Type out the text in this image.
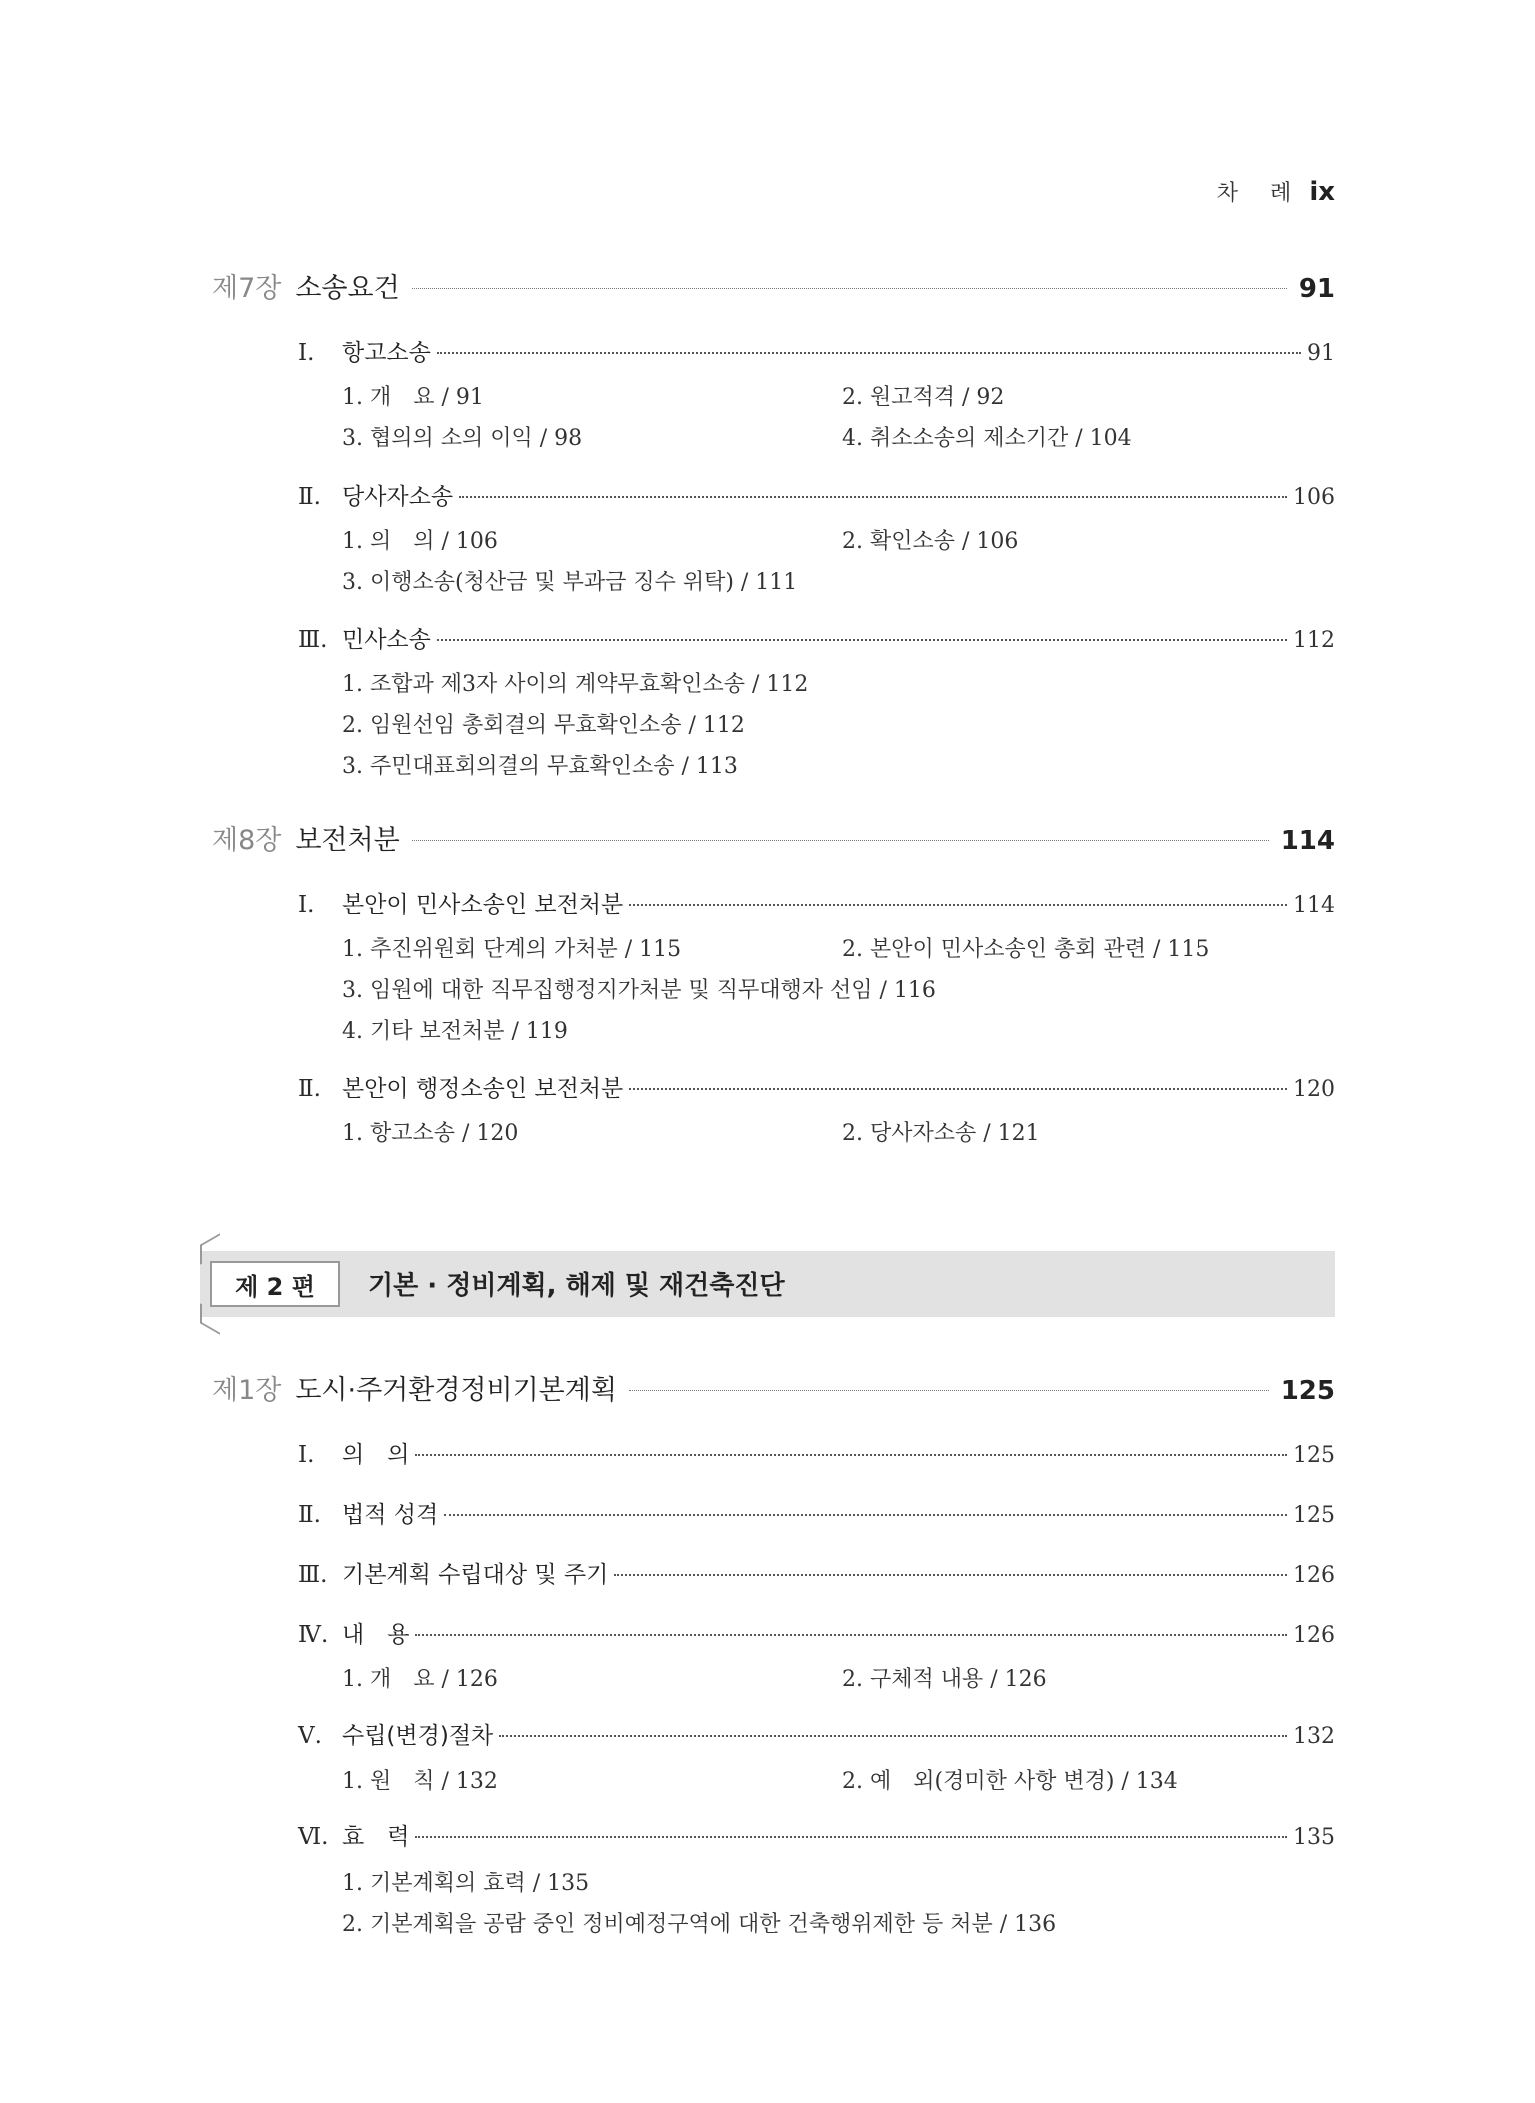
차 례 ix
제7장 소송요건	91
Ⅰ.	항고소송	91
1. 개　요 / 91	2. 원고적격 / 92
3. 협의의 소의 이익 / 98	4. 취소소송의 제소기간 / 104
Ⅱ. 당사자소송	106
1. 의　의 / 106	2. 확인소송 / 106
3. 이행소송(청산금 및 부과금 징수 위탁) / 111
Ⅲ. 민사소송	112
1. 조합과 제3자 사이의 계약무효확인소송 / 112
2. 임원선임 총회결의 무효확인소송 / 112
3. 주민대표회의결의 무효확인소송 / 113
제8장 보전처분	114
Ⅰ.	본안이 민사소송인 보전처분	114
1. 추진위원회 단계의 가처분 / 115	2. 본안이 민사소송인 총회 관련 / 115
3. 임원에 대한 직무집행정지가처분 및 직무대행자 선임 / 116
4. 기타 보전처분 / 119
Ⅱ. 본안이 행정소송인 보전처분	120
1. 항고소송 / 120	2. 당사자소송 / 121
제 2 편	기본 · 정비계획, 해제 및 재건축진단
제1장 도시·주거환경정비기본계획	125
Ⅰ.	의　의	125
Ⅱ. 법적 성격	125
Ⅲ. 기본계획 수립대상 및 주기	126
Ⅳ. 내　용	126
1. 개　요 / 126	2. 구체적 내용 / 126
Ⅴ. 수립(변경)절차	132
1. 원　칙 / 132	2. 예　외(경미한 사항 변경) / 134
Ⅵ. 효　력	135
1. 기본계획의 효력 / 135
2. 기본계획을 공람 중인 정비예정구역에 대한 건축행위제한 등 처분 / 136
